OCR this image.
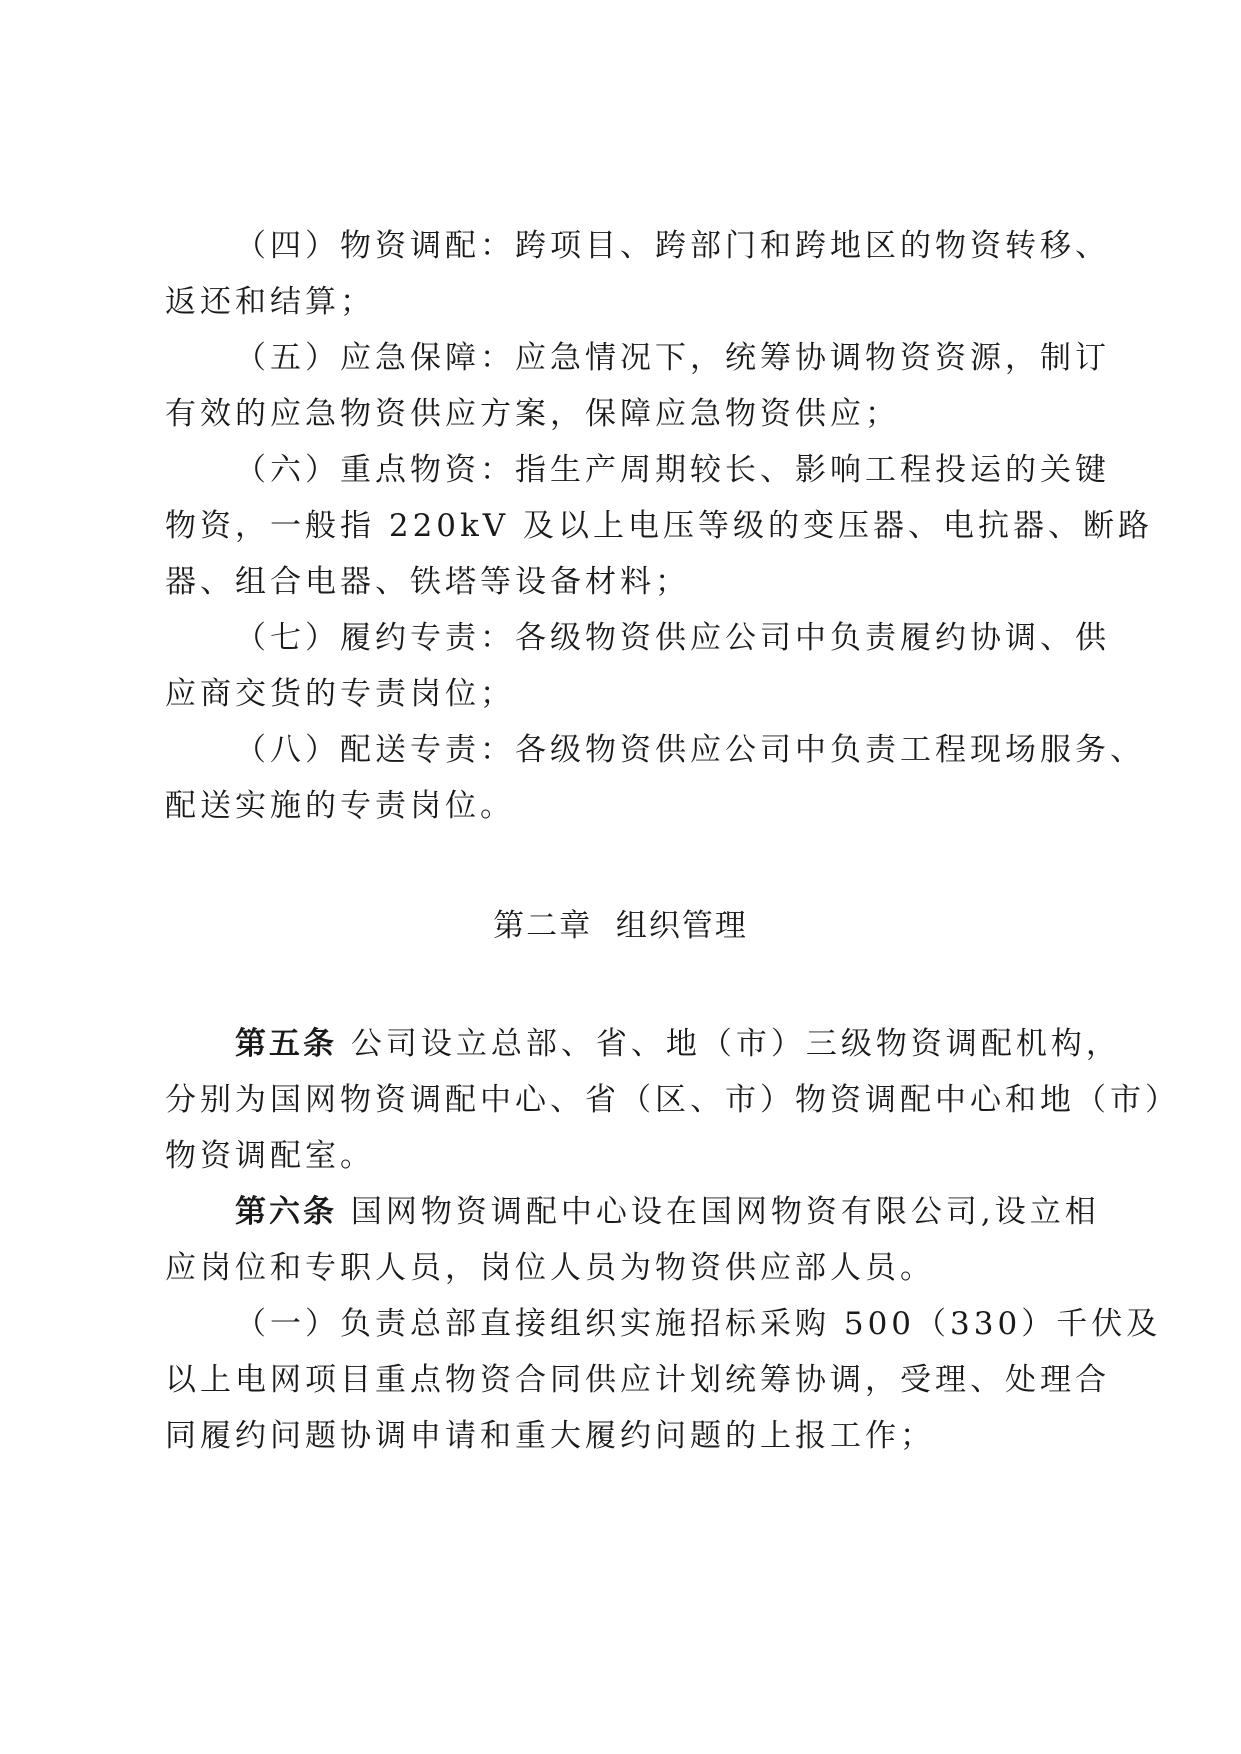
（四）物资调配：跨项目、跨部门和跨地区的物资转移、
返还和结算；
（五）应急保障：应急情况下，统筹协调物资资源，制订
有效的应急物资供应方案，保障应急物资供应；
（六）重点物资：指生产周期较长、影响工程投运的关键
物资，一般指 220kV 及以上电压等级的变压器、电抗器、断路
器、组合电器、铁塔等设备材料；
（七）履约专责：各级物资供应公司中负责履约协调、供
应商交货的专责岗位；
（八）配送专责：各级物资供应公司中负责工程现场服务、
配送实施的专责岗位。
第二章  组织管理
第五条 公司设立总部、省、地（市）三级物资调配机构，
分别为国网物资调配中心、省（区、市）物资调配中心和地（市）
物资调配室。
第六条 国网物资调配中心设在国网物资有限公司,设立相
应岗位和专职人员，岗位人员为物资供应部人员。
（一）负责总部直接组织实施招标采购 500（330）千伏及
以上电网项目重点物资合同供应计划统筹协调，受理、处理合
同履约问题协调申请和重大履约问题的上报工作；
